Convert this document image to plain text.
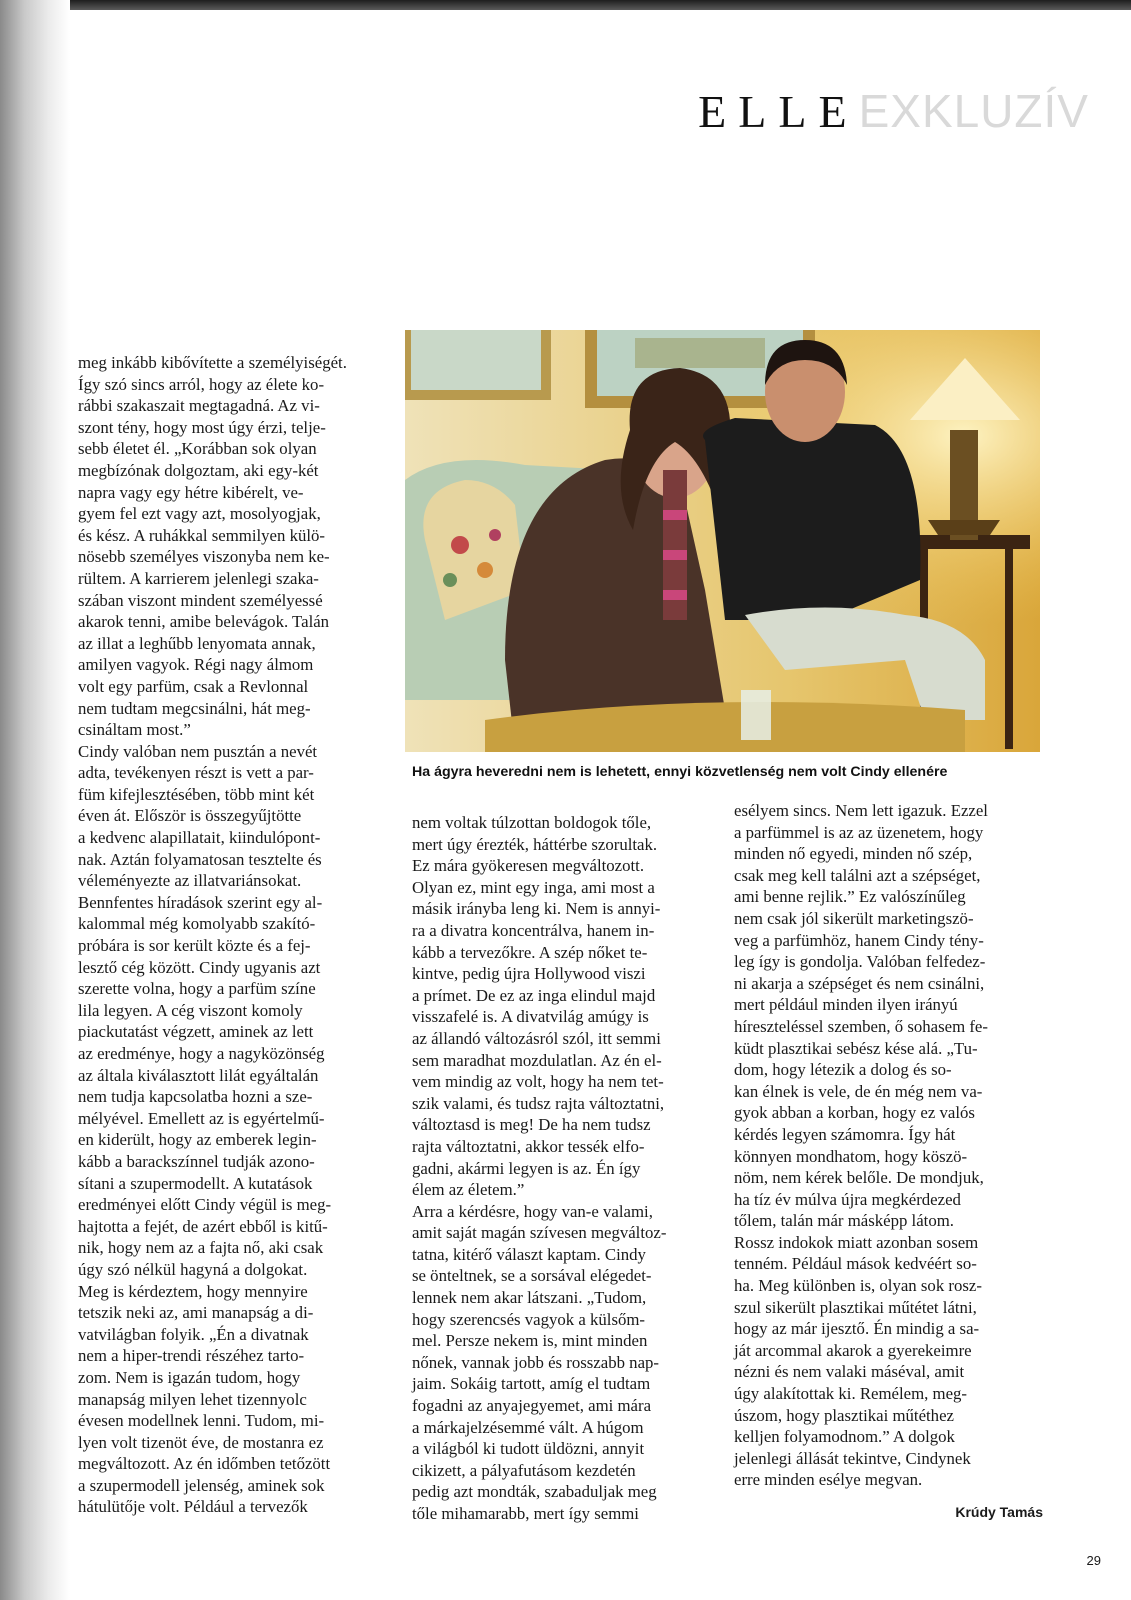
ELLEEXKLUZÍV

meg inkább kibővítette a személyiségét.

Így szó sincs arról, hogy az élete ko-

rábbi szakaszait megtagadná. Az vi-

szont tény, hogy most úgy érzi, telje-

sebb életet él. „Korábban sok olyan

megbízónak dolgoztam, aki egy-két

napra vagy egy hétre kibérelt, ve-

gyem fel ezt vagy azt, mosolyogjak,

és kész. A ruhákkal semmilyen külö-

nösebb személyes viszonyba nem ke-

rültem. A karrierem jelenlegi szaka-

szában viszont mindent személyessé

akarok tenni, amibe belevágok. Talán

az illat a leghűbb lenyomata annak,

amilyen vagyok. Régi nagy álmom

volt egy parfüm, csak a Revlonnal

nem tudtam megcsinálni, hát meg-

csináltam most.”

Cindy valóban nem pusztán a nevét

adta, tevékenyen részt is vett a par-

füm kifejlesztésében, több mint két

éven át. Először is összegyűjtötte

a kedvenc alapillatait, kiindulópont-

nak. Aztán folyamatosan tesztelte és

véleményezte az illatvariánsokat.

Bennfentes híradások szerint egy al-

kalommal még komolyabb szakító-

próbára is sor került közte és a fej-

lesztő cég között. Cindy ugyanis azt

szerette volna, hogy a parfüm színe

lila legyen. A cég viszont komoly

piackutatást végzett, aminek az lett

az eredménye, hogy a nagyközönség

az általa kiválasztott lilát egyáltalán

nem tudja kapcsolatba hozni a sze-

mélyével. Emellett az is egyértelmű-

en kiderült, hogy az emberek legin-

kább a barackszínnel tudják azono-

sítani a szupermodellt. A kutatások

eredményei előtt Cindy végül is meg-

hajtotta a fejét, de azért ebből is kitű-

nik, hogy nem az a fajta nő, aki csak

úgy szó nélkül hagyná a dolgokat.

Meg is kérdeztem, hogy mennyire

tetszik neki az, ami manapság a di-

vatvilágban folyik. „Én a divatnak

nem a hiper-trendi részéhez tarto-

zom. Nem is igazán tudom, hogy

manapság milyen lehet tizennyolc

évesen modellnek lenni. Tudom, mi-

lyen volt tizenöt éve, de mostanra ez

megváltozott. Az én időmben tetőzött

a szupermodell jelenség, aminek sok

hátulütője volt. Például a tervezők

Ha ágyra heveredni nem is lehetett, ennyi közvetlenség nem volt Cindy ellenére

nem voltak túlzottan boldogok tőle,

mert úgy érezték, háttérbe szorultak.

Ez mára gyökeresen megváltozott.

Olyan ez, mint egy inga, ami most a

másik irányba leng ki. Nem is annyi-

ra a divatra koncentrálva, hanem in-

kább a tervezőkre. A szép nőket te-

kintve, pedig újra Hollywood viszi

a prímet. De ez az inga elindul majd

visszafelé is. A divatvilág amúgy is

az állandó változásról szól, itt semmi

sem maradhat mozdulatlan. Az én el-

vem mindig az volt, hogy ha nem tet-

szik valami, és tudsz rajta változtatni,

változtasd is meg! De ha nem tudsz

rajta változtatni, akkor tessék elfo-

gadni, akármi legyen is az. Én így

élem az életem.”

Arra a kérdésre, hogy van-e valami,

amit saját magán szívesen megváltoz-

tatna, kitérő választ kaptam. Cindy

se önteltnek, se a sorsával elégedet-

lennek nem akar látszani. „Tudom,

hogy szerencsés vagyok a külsőm-

mel. Persze nekem is, mint minden

nőnek, vannak jobb és rosszabb nap-

jaim. Sokáig tartott, amíg el tudtam

fogadni az anyajegyemet, ami mára

a márkajelzésemmé vált. A húgom

a világból ki tudott üldözni, annyit

cikizett, a pályafutásom kezdetén

pedig azt mondták, szabaduljak meg

tőle mihamarabb, mert így semmi

esélyem sincs. Nem lett igazuk. Ezzel

a parfümmel is az az üzenetem, hogy

minden nő egyedi, minden nő szép,

csak meg kell találni azt a szépséget,

ami benne rejlik.” Ez valószínűleg

nem csak jól sikerült marketingszö-

veg a parfümhöz, hanem Cindy tény-

leg így is gondolja. Valóban felfedez-

ni akarja a szépséget és nem csinálni,

mert például minden ilyen irányú

híreszteléssel szemben, ő sohasem fe-

küdt plasztikai sebész kése alá. „Tu-

dom, hogy létezik a dolog és so-

kan élnek is vele, de én még nem va-

gyok abban a korban, hogy ez valós

kérdés legyen számomra. Így hát

könnyen mondhatom, hogy köszö-

nöm, nem kérek belőle. De mondjuk,

ha tíz év múlva újra megkérdezed

tőlem, talán már másképp látom.

Rossz indokok miatt azonban sosem

tenném. Például mások kedvéért so-

ha. Meg különben is, olyan sok rosz-

szul sikerült plasztikai műtétet látni,

hogy az már ijesztő. Én mindig a sa-

ját arcommal akarok a gyerekeimre

nézni és nem valaki máséval, amit

úgy alakítottak ki. Remélem, meg-

úszom, hogy plasztikai műtéthez

kelljen folyamodnom.” A dolgok

jelenlegi állását tekintve, Cindynek

erre minden esélye megvan.

Krúdy Tamás
29
